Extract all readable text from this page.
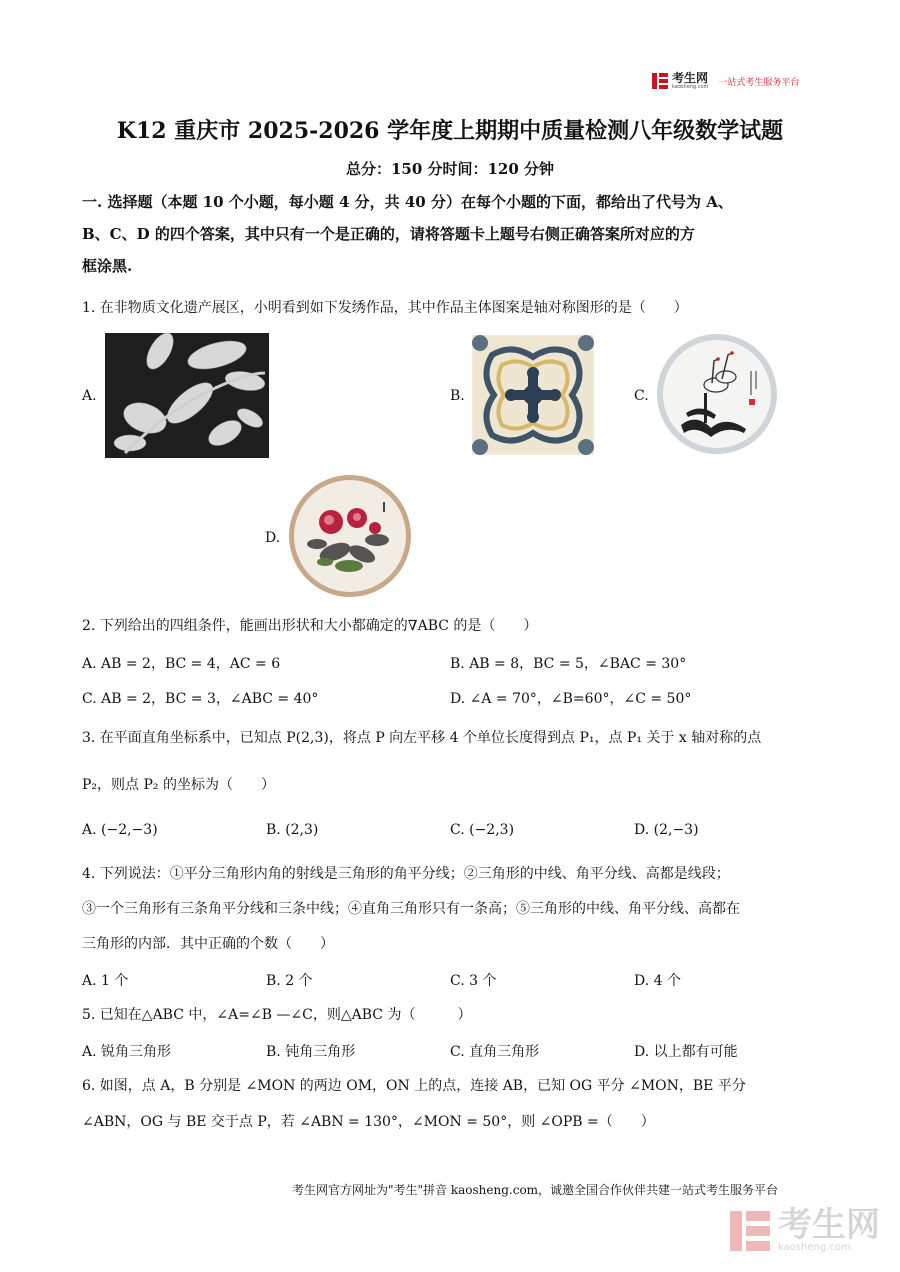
考生网
kaosheng.com 一站式考生服务平台
K12 重庆市 2025-2026 学年度上期期中质量检测八年级数学试题
总分：150 分时间：120 分钟
一. 选择题（本题 10 个小题，每小题 4 分，共 40 分）在每个小题的下面，都给出了代号为 A、
B、C、D 的四个答案，其中只有一个是正确的，请将答题卡上题号右侧正确答案所对应的方
框涂黑.
1. 在非物质文化遗产展区，小明看到如下发绣作品，其中作品主体图案是轴对称图形的是（　　）
A.	B.	C.
D.
2. 下列给出的四组条件，能画出形状和大小都确定的∇ABC 的是（　　）
A. AB = 2，BC = 4，AC = 6	B. AB = 8，BC = 5，∠BAC = 30°
C. AB = 2，BC = 3，∠ABC = 40°	D. ∠A = 70°，∠B=60°，∠C = 50°
3. 在平面直角坐标系中，已知点 P(2,3)，将点 P 向左平移 4 个单位长度得到点 P₁，点 P₁ 关于 x 轴对称的点
P₂，则点 P₂ 的坐标为（　　）
A. (−2,−3)	B. (2,3)	C. (−2,3)	D. (2,−3)
4. 下列说法：①平分三角形内角的射线是三角形的角平分线；②三角形的中线、角平分线、高都是线段；
③一个三角形有三条角平分线和三条中线；④直角三角形只有一条高；⑤三角形的中线、角平分线、高都在
三角形的内部．其中正确的个数（　　）
A. 1 个	B. 2 个	C. 3 个	D. 4 个
5. 已知在△ABC 中，∠A=∠B —∠C，则△ABC 为（　　　）
A. 锐角三角形	B. 钝角三角形	C. 直角三角形	D. 以上都有可能
6. 如图，点 A，B 分别是 ∠MON 的两边 OM，ON 上的点，连接 AB，已知 OG 平分 ∠MON，BE 平分
∠ABN，OG 与 BE 交于点 P，若 ∠ABN = 130°，∠MON = 50°，则 ∠OPB =（　　）
考生网官方网址为"考生"拼音 kaosheng.com，诚邀全国合作伙伴共建一站式考生服务平台
考生网
kaosheng.com
